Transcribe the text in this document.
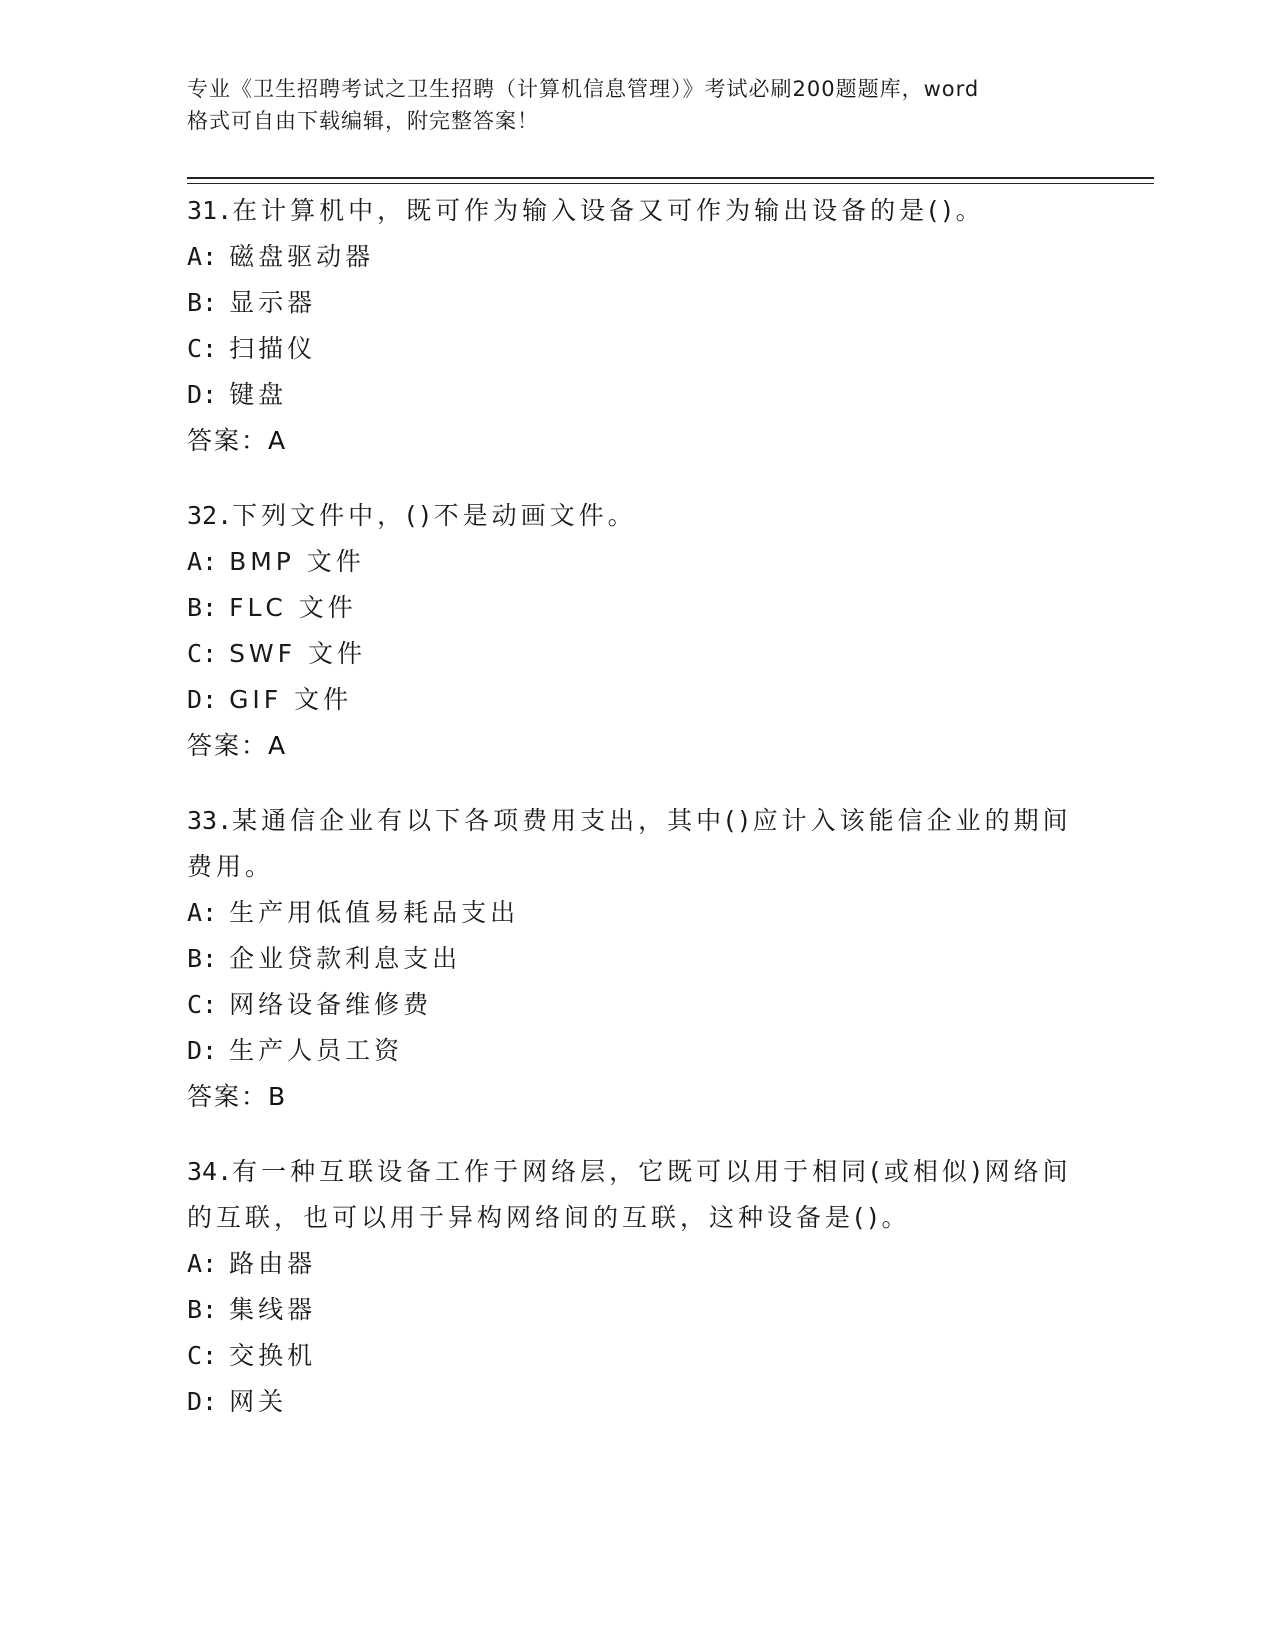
专业《卫生招聘考试之卫生招聘（计算机信息管理）》考试必刷200题题库，word
格式可自由下载编辑，附完整答案！
31.在计算机中，既可作为输入设备又可作为输出设备的是()。
A: 磁盘驱动器
B: 显示器
C: 扫描仪
D: 键盘
答案：A
32.下列文件中，()不是动画文件。
A: BMP 文件
B: FLC 文件
C: SWF 文件
D: GIF 文件
答案：A
33.某通信企业有以下各项费用支出，其中()应计入该能信企业的期间费用。
A: 生产用低值易耗品支出
B: 企业贷款利息支出
C: 网络设备维修费
D: 生产人员工资
答案：B
34.有一种互联设备工作于网络层，它既可以用于相同(或相似)网络间的互联，也可以用于异构网络间的互联，这种设备是()。
A: 路由器
B: 集线器
C: 交换机
D: 网关
